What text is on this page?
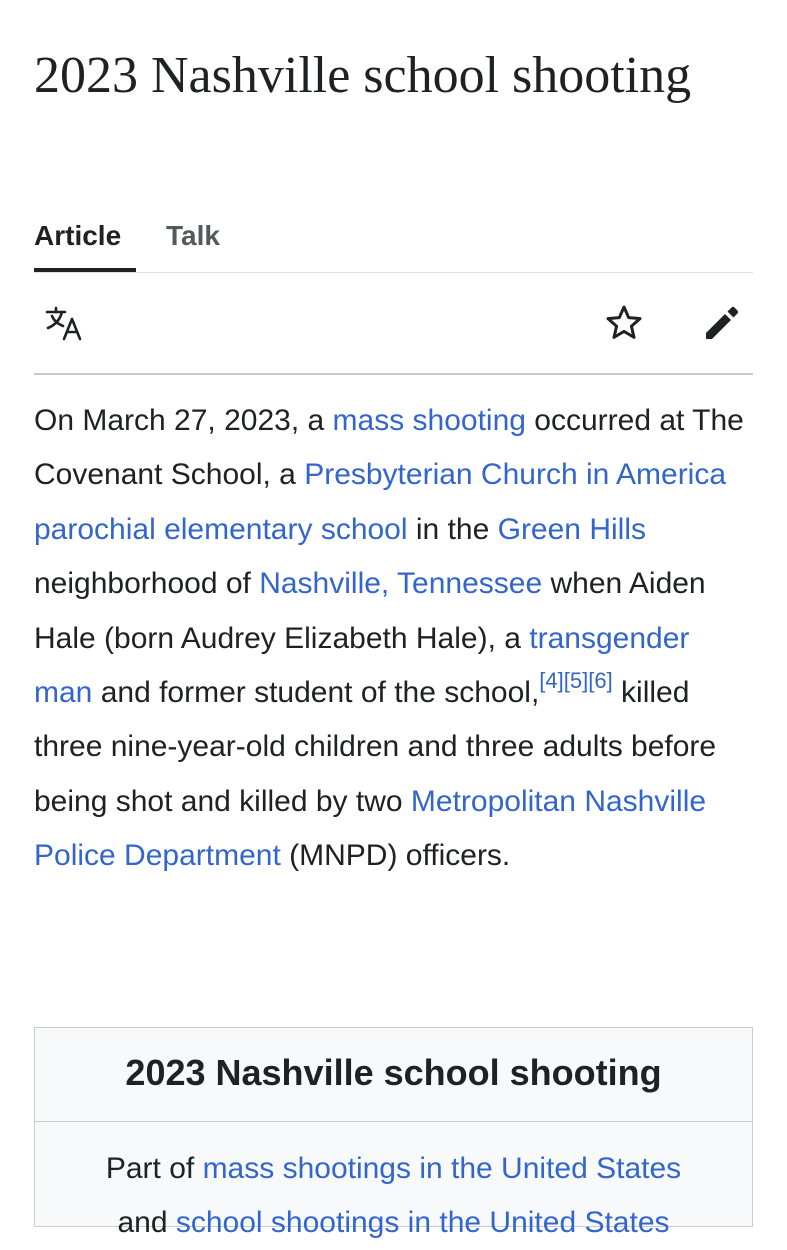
2023 Nashville school shooting
Article	Talk

On March 27, 2023, a mass shooting occurred at The Covenant School, a Presbyterian Church in America parochial elementary school in the Green Hills neighborhood of Nashville, Tennessee when Aiden Hale (born Audrey Elizabeth Hale), a transgender man and former student of the school,[4][5][6] killed three nine-year-old children and three adults before being shot and killed by two Metropolitan Nashville Police Department (MNPD) officers.

2023 Nashville school shooting
Part of mass shootings in the United States
and school shootings in the United States
